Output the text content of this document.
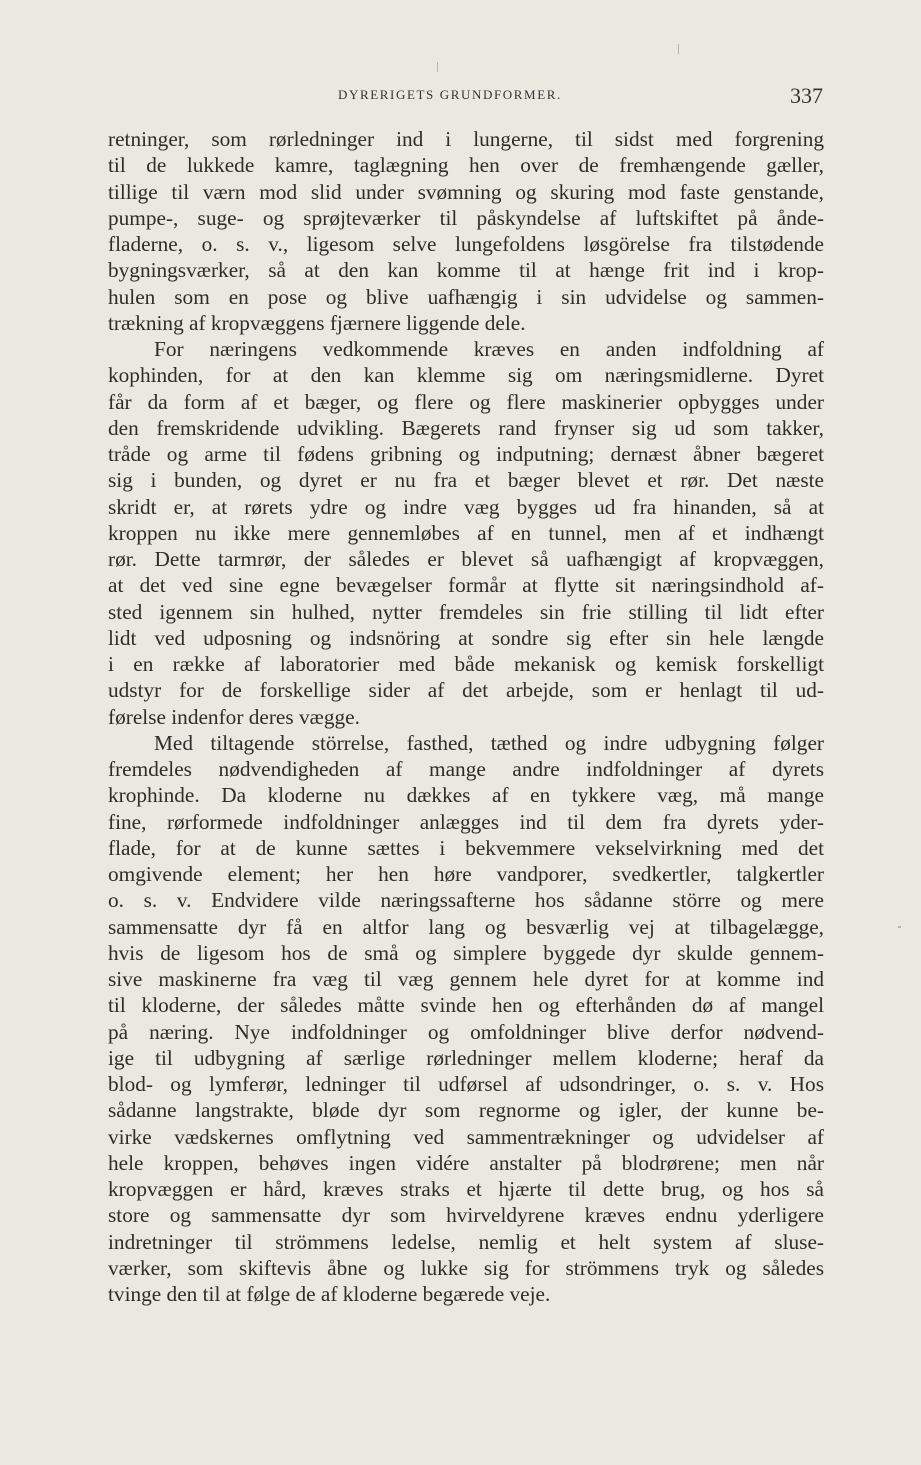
DYRERIGETS GRUNDFORMER.	337
retninger, som rørledninger ind i lungerne, til sidst med forgrening
til de lukkede kamre, taglægning hen over de fremhængende gæller,
tillige til værn mod slid under svømning og skuring mod faste genstande,
pumpe-, suge- og sprøjteværker til påskyndelse af luftskiftet på ånde-
fladerne, o. s. v., ligesom selve lungefoldens løsgörelse fra tilstødende
bygningsværker, så at den kan komme til at hænge frit ind i krop-
hulen som en pose og blive uafhængig i sin udvidelse og sammen-
trækning af kropvæggens fjærnere liggende dele.
For næringens vedkommende kræves en anden indfoldning af
kophinden, for at den kan klemme sig om næringsmidlerne. Dyret
får da form af et bæger, og flere og flere maskinerier opbygges under
den fremskridende udvikling. Bægerets rand frynser sig ud som takker,
tråde og arme til fødens gribning og indputning; dernæst åbner bægeret
sig i bunden, og dyret er nu fra et bæger blevet et rør. Det næste
skridt er, at rørets ydre og indre væg bygges ud fra hinanden, så at
kroppen nu ikke mere gennemløbes af en tunnel, men af et indhængt
rør. Dette tarmrør, der således er blevet så uafhængigt af kropvæggen,
at det ved sine egne bevægelser formår at flytte sit næringsindhold af-
sted igennem sin hulhed, nytter fremdeles sin frie stilling til lidt efter
lidt ved udposning og indsnöring at sondre sig efter sin hele længde
i en række af laboratorier med både mekanisk og kemisk forskelligt
udstyr for de forskellige sider af det arbejde, som er henlagt til ud-
førelse indenfor deres vægge.
Med tiltagende störrelse, fasthed, tæthed og indre udbygning følger
fremdeles nødvendigheden af mange andre indfoldninger af dyrets
krophinde. Da kloderne nu dækkes af en tykkere væg, må mange
fine, rørformede indfoldninger anlægges ind til dem fra dyrets yder-
flade, for at de kunne sættes i bekvemmere vekselvirkning med det
omgivende element; her hen høre vandporer, svedkertler, talgkertler
o. s. v. Endvidere vilde næringssafterne hos sådanne större og mere
sammensatte dyr få en altfor lang og besværlig vej at tilbagelægge,
hvis de ligesom hos de små og simplere byggede dyr skulde gennem-
sive maskinerne fra væg til væg gennem hele dyret for at komme ind
til kloderne, der således måtte svinde hen og efterhånden dø af mangel
på næring. Nye indfoldninger og omfoldninger blive derfor nødvend-
ige til udbygning af særlige rørledninger mellem kloderne; heraf da
blod- og lymferør, ledninger til udførsel af udsondringer, o. s. v. Hos
sådanne langstrakte, bløde dyr som regnorme og igler, der kunne be-
virke vædskernes omflytning ved sammentrækninger og udvidelser af
hele kroppen, behøves ingen vidére anstalter på blodrørene; men når
kropvæggen er hård, kræves straks et hjærte til dette brug, og hos så
store og sammensatte dyr som hvirveldyrene kræves endnu yderligere
indretninger til strömmens ledelse, nemlig et helt system af sluse-
værker, som skiftevis åbne og lukke sig for strömmens tryk og således
tvinge den til at følge de af kloderne begærede veje.
